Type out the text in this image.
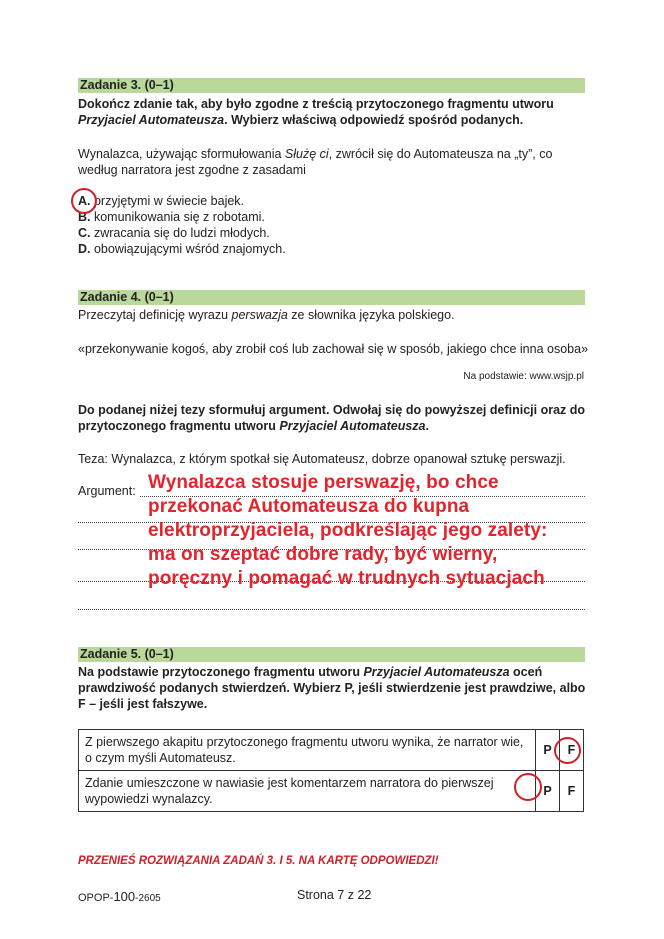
Zadanie 3. (0–1)
Dokończ zdanie tak, aby było zgodne z treścią przytoczonego fragmentu utworu
Przyjaciel Automateusza. Wybierz właściwą odpowiedź spośród podanych.
Wynalazca, używając sformułowania Służę ci, zwrócił się do Automateusza na „ty”, co
według narratora jest zgodne z zasadami
A. przyjętymi w świecie bajek.
B. komunikowania się z robotami.
C. zwracania się do ludzi młodych.
D. obowiązującymi wśród znajomych.
Zadanie 4. (0–1)
Przeczytaj definicję wyrazu perswazja ze słownika języka polskiego.
«przekonywanie kogoś, aby zrobił coś lub zachował się w sposób, jakiego chce inna osoba»
Na podstawie: www.wsjp.pl
Do podanej niżej tezy sformułuj argument. Odwołaj się do powyższej definicji oraz do
przytoczonego fragmentu utworu Przyjaciel Automateusza.
Teza: Wynalazca, z którym spotkał się Automateusz, dobrze opanował sztukę perswazji.
Argument: Wynalazca stosuje perswazję, bo chce
przekonać Automateusza do kupna
elektroprzyjaciela, podkreślając jego zalety:
ma on szeptać dobre rady, być wierny,
poręczny i pomagać w trudnych sytuacjach
Zadanie 5. (0–1)
Na podstawie przytoczonego fragmentu utworu Przyjaciel Automateusza oceń
prawdziwość podanych stwierdzeń. Wybierz P, jeśli stwierdzenie jest prawdziwe, albo
F – jeśli jest fałszywe.
Z pierwszego akapitu przytoczonego fragmentu utworu wynika, że narrator wie, o czym myśli Automateusz.	P	F
Zdanie umieszczone w nawiasie jest komentarzem narratora do pierwszej wypowiedzi wynalazcy.	P	F
PRZENIEŚ ROZWIĄZANIA ZADAŃ 3. I 5. NA KARTĘ ODPOWIEDZI!
OPOP-100-2605	Strona 7 z 22
